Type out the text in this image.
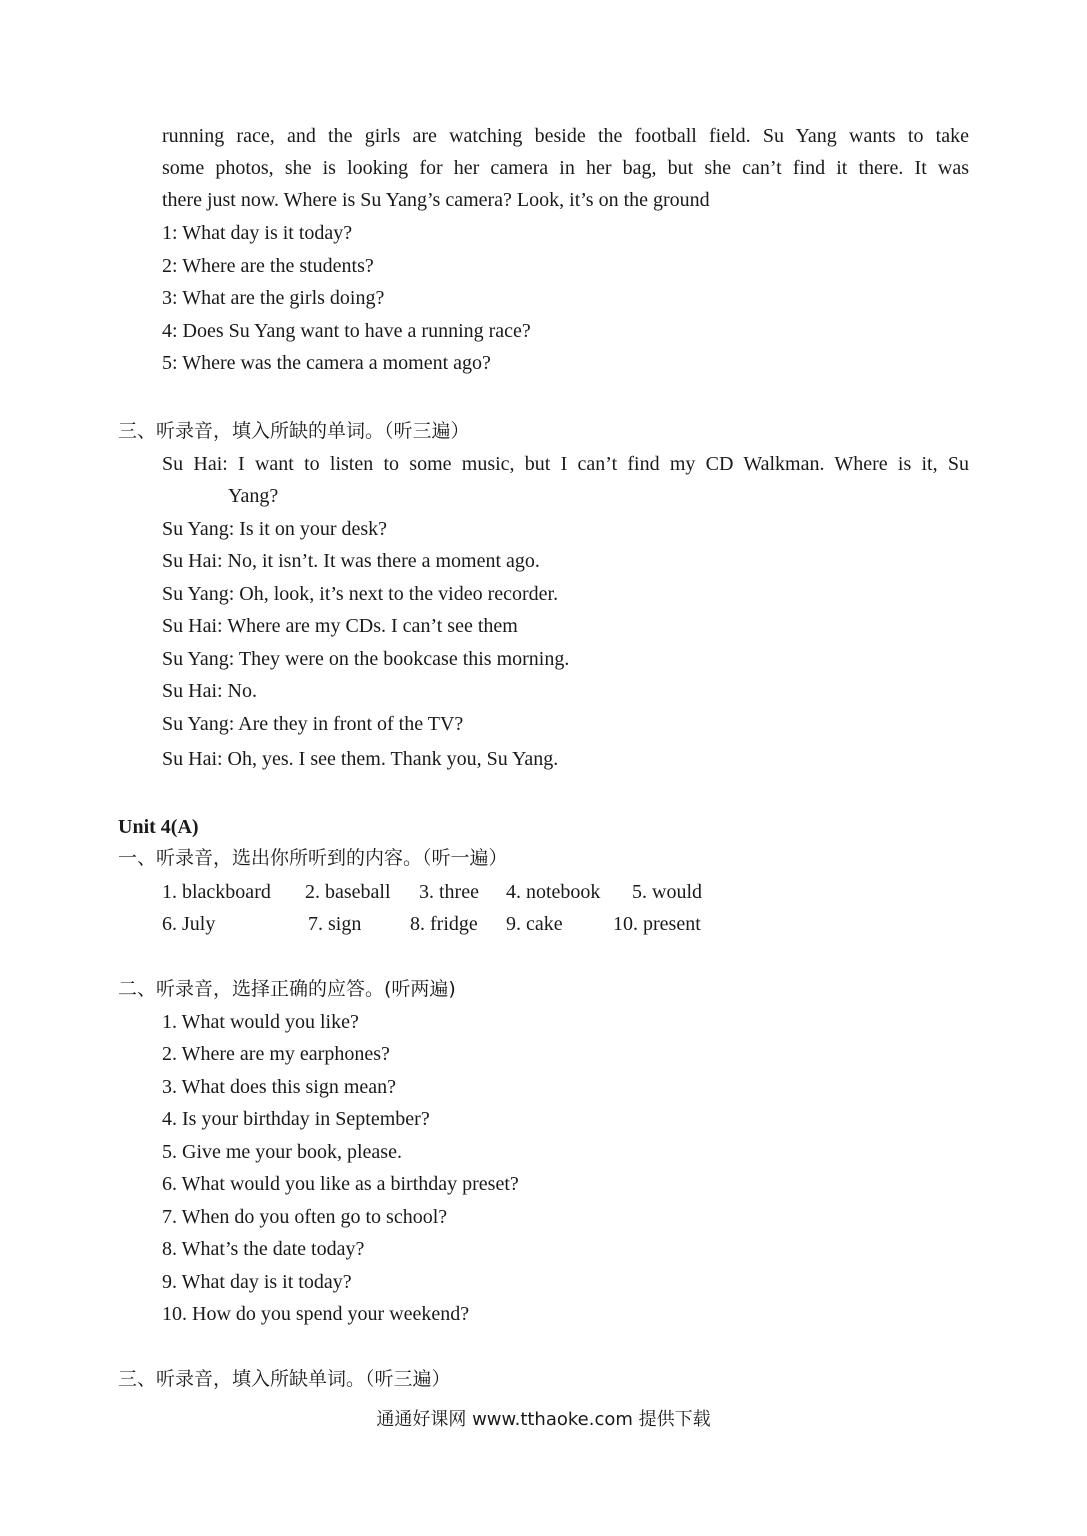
running race, and the girls are watching beside the football field. Su Yang wants to take
some photos, she is looking for her camera in her bag, but she can’t find it there. It was
there just now. Where is Su Yang’s camera? Look, it’s on the ground
1: What day is it today?
2: Where are the students?
3: What are the girls doing?
4: Does Su Yang want to have a running race?
5: Where was the camera a moment ago?
三、听录音，填入所缺的单词。（听三遍）
Su Hai: I want to listen to some music, but I can’t find my CD Walkman. Where is it, Su
Yang?
Su Yang: Is it on your desk?
Su Hai: No, it isn’t. It was there a moment ago.
Su Yang: Oh, look, it’s next to the video recorder.
Su Hai: Where are my CDs. I can’t see them
Su Yang: They were on the bookcase this morning.
Su Hai: No.
Su Yang: Are they in front of the TV?
Su Hai: Oh, yes. I see them. Thank you, Su Yang.
Unit 4(A)
一、听录音，选出你所听到的内容。（听一遍）
1. blackboard 2. baseball 3. three 4. notebook 5. would
6. July	7. sign 8. fridge 9. cake	10. present
二、听录音，选择正确的应答。(听两遍)
1. What would you like?
2. Where are my earphones?
3. What does this sign mean?
4. Is your birthday in September?
5. Give me your book, please.
6. What would you like as a birthday preset?
7. When do you often go to school?
8. What’s the date today?
9. What day is it today?
10. How do you spend your weekend?
三、听录音，填入所缺单词。（听三遍）
通通好课网 www.tthaoke.com 提供下载
